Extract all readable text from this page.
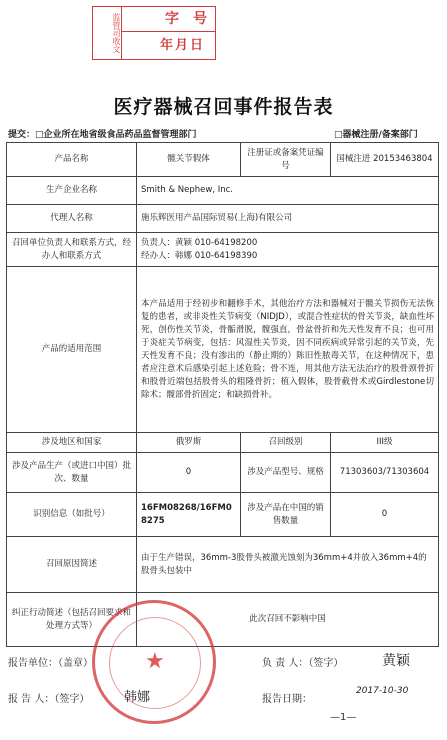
监管司收文	字　号
年月日
医疗器械召回事件报告表
提交：□企业所在地省级食品药品监督管理部门	□器械注册/备案部门
产品名称	髋关节假体	注册证或备案凭证编号	国械注进 20153463804
生产企业名称	Smith & Nephew, Inc.		
代理人名称	施乐辉医用产品国际贸易(上海)有限公司		
召回单位负责人和联系方式，经办人和联系方式	负责人：黄颖 010-64198200
经办人：韩娜 010-64198390		

产品的适用范围	本产品适用于经初步和翻修手术，其他治疗方法和器械对于髋关节损伤无法恢复的患者，或非炎性关节病变（NIDJD），或混合性症状的骨关节炎，缺血性坏死，创伤性关节炎，骨骺滑脱，髋强直，骨盆骨折和先天性发育不良；也可用于炎症关节病变，包括：风湿性关节炎，因不同疾病或异常引起的关节炎，先天性发育不良；没有渗出的（静止期的）陈旧性脓毒关节，在这种情况下，患者应注意术后感染引起上述危险；骨不连，用其他方法无法治疗的股骨颈骨折和股骨近端包括股骨头的粗隆骨折；植入假体，股骨截骨术或Girdlestone切除术；髋部骨折固定；和缺损骨补。		
涉及地区和国家	俄罗斯	召回级别	III级
涉及产品生产（或进口中国）批次、数量	0	涉及产品型号、规格	71303603/71303604
识别信息（如批号）	16FM08268/16FM08275	涉及产品在中国的销售数量	0
召回原因简述	由于生产错误，36mm-3股骨头被激光蚀刻为36mm+4并放入36mm+4的股骨头包装中		
纠正行动简述（包括召回要求和处理方式等）	此次召回不影响中国		
★
报告单位：（盖章）	负 责 人：（签字）	黄颖
报 告 人：（签字）	韩娜	报告日期：
2017-10-30
—1—
